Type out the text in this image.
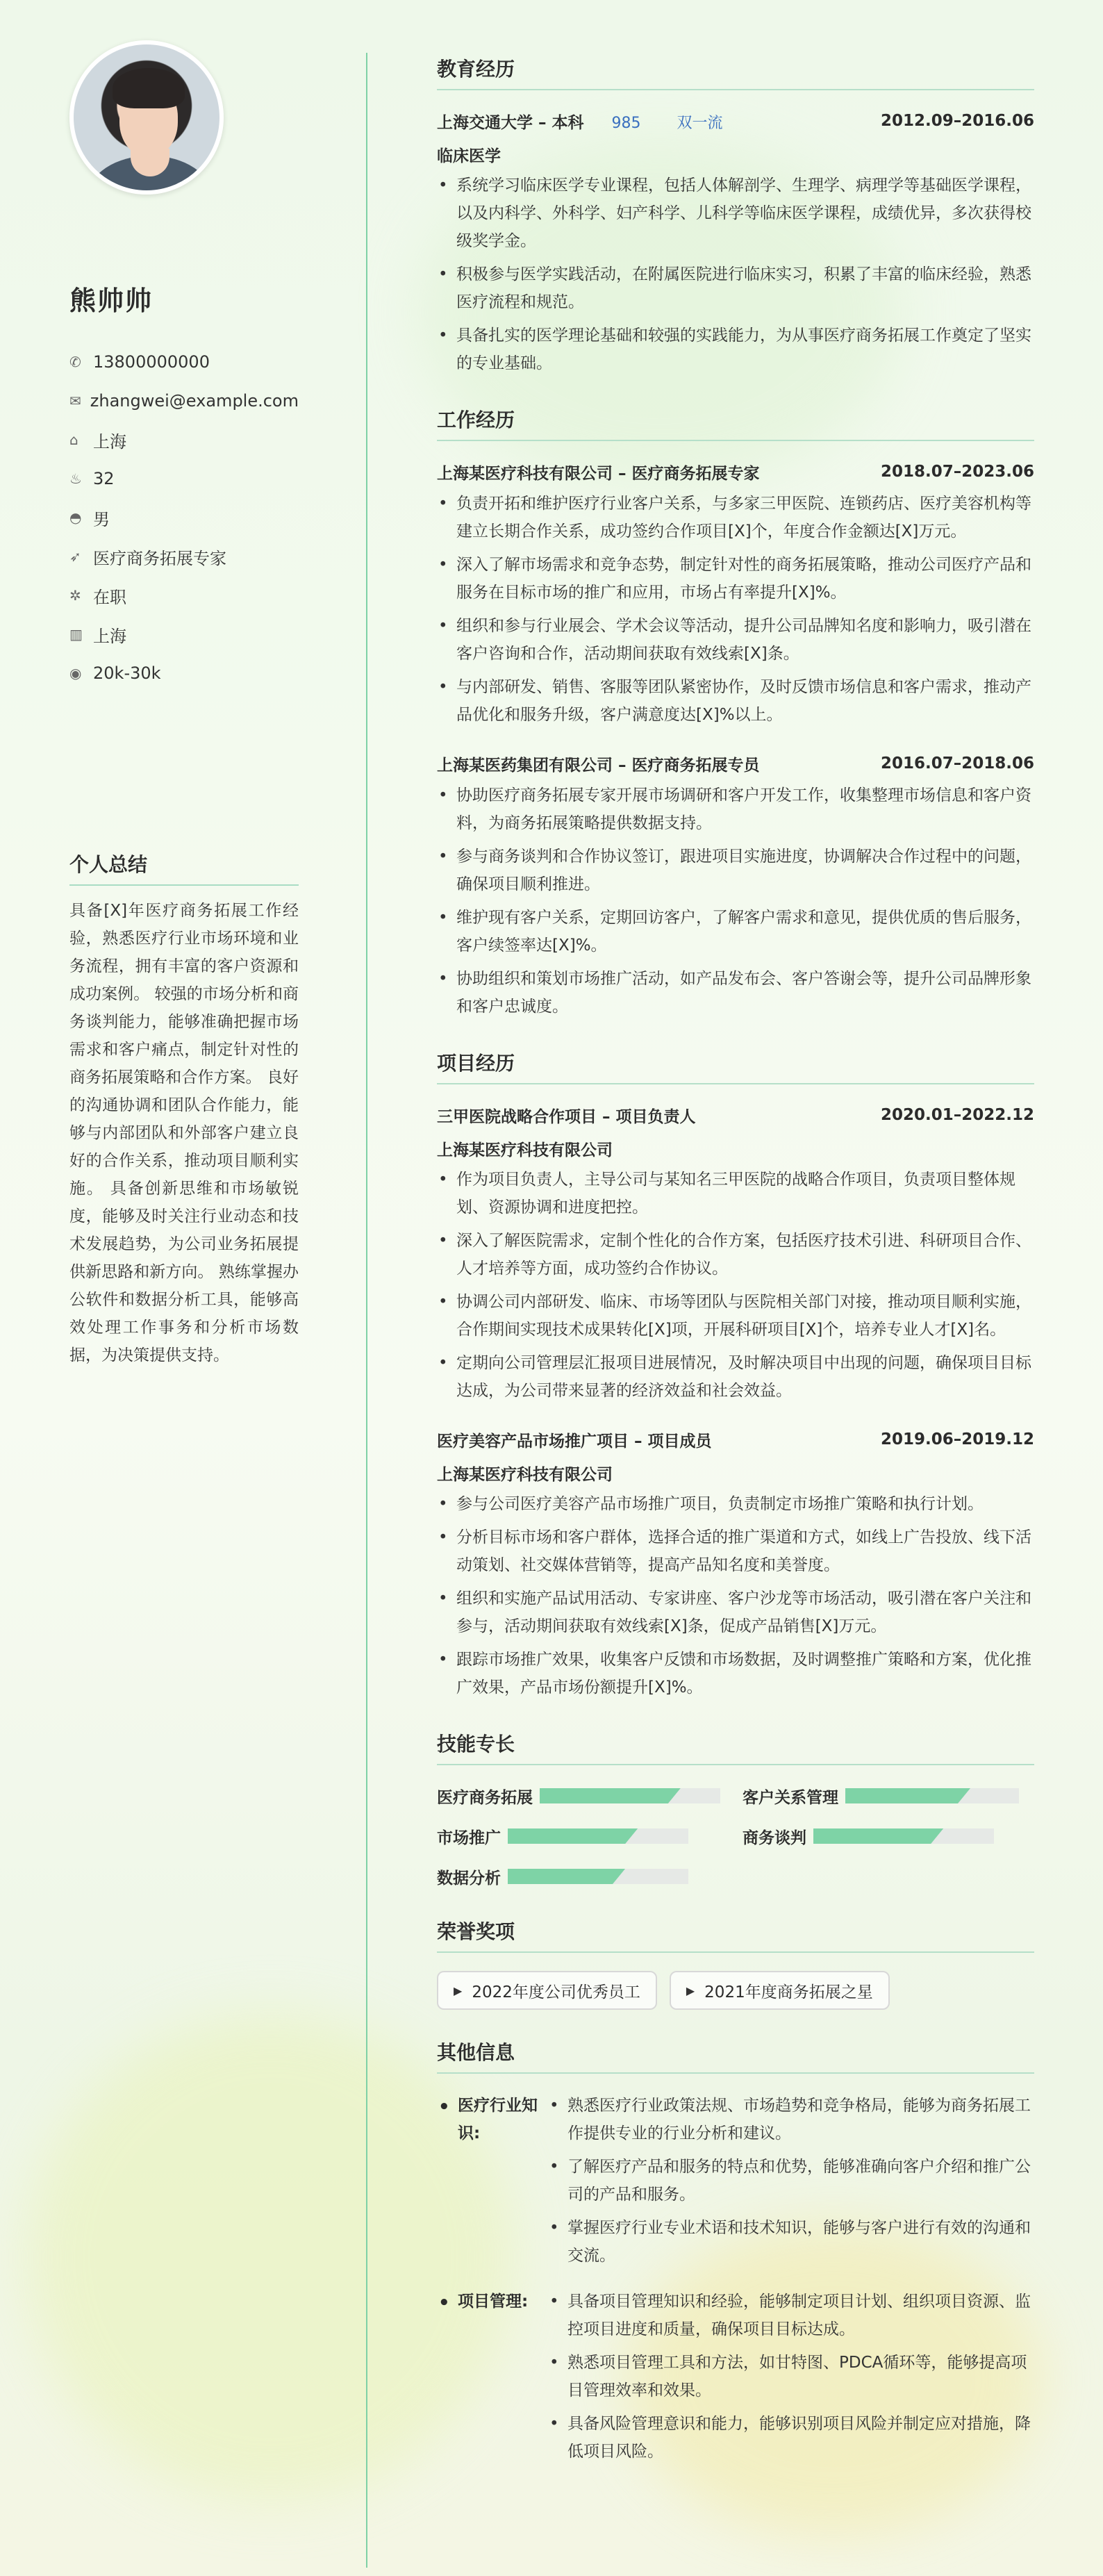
熊帅帅
✆ 13800000000
✉ zhangwei@example.com
⌂ 上海
♨ 32
◓ 男
➶ 医疗商务拓展专家
✲ 在职
▥ 上海
◉ 20k-30k
个人总结
具备[X]年医疗商务拓展工作经验，熟悉医疗行业市场环境和业务流程，拥有丰富的客户资源和成功案例。 较强的市场分析和商务谈判能力，能够准确把握市场需求和客户痛点，制定针对性的商务拓展策略和合作方案。 良好的沟通协调和团队合作能力，能够与内部团队和外部客户建立良好的合作关系，推动项目顺利实施。 具备创新思维和市场敏锐度，能够及时关注行业动态和技术发展趋势，为公司业务拓展提供新思路和新方向。 熟练掌握办公软件和数据分析工具，能够高效处理工作事务和分析市场数据，为决策提供支持。
教育经历
上海交通大学 – 本科 985 双一流	2012.09–2016.06
临床医学
• 系统学习临床医学专业课程，包括人体解剖学、生理学、病理学等基础医学课程，以及内科学、外科学、妇产科学、儿科学等临床医学课程，成绩优异，多次获得校级奖学金。
• 积极参与医学实践活动，在附属医院进行临床实习，积累了丰富的临床经验，熟悉医疗流程和规范。
• 具备扎实的医学理论基础和较强的实践能力，为从事医疗商务拓展工作奠定了坚实的专业基础。
工作经历
上海某医疗科技有限公司 – 医疗商务拓展专家	2018.07–2023.06
• 负责开拓和维护医疗行业客户关系，与多家三甲医院、连锁药店、医疗美容机构等建立长期合作关系，成功签约合作项目[X]个，年度合作金额达[X]万元。
• 深入了解市场需求和竞争态势，制定针对性的商务拓展策略，推动公司医疗产品和服务在目标市场的推广和应用，市场占有率提升[X]%。
• 组织和参与行业展会、学术会议等活动，提升公司品牌知名度和影响力，吸引潜在客户咨询和合作，活动期间获取有效线索[X]条。
• 与内部研发、销售、客服等团队紧密协作，及时反馈市场信息和客户需求，推动产品优化和服务升级，客户满意度达[X]%以上。
上海某医药集团有限公司 – 医疗商务拓展专员	2016.07–2018.06
• 协助医疗商务拓展专家开展市场调研和客户开发工作，收集整理市场信息和客户资料，为商务拓展策略提供数据支持。
• 参与商务谈判和合作协议签订，跟进项目实施进度，协调解决合作过程中的问题，确保项目顺利推进。
• 维护现有客户关系，定期回访客户，了解客户需求和意见，提供优质的售后服务，客户续签率达[X]%。
• 协助组织和策划市场推广活动，如产品发布会、客户答谢会等，提升公司品牌形象和客户忠诚度。
项目经历
三甲医院战略合作项目 – 项目负责人	2020.01–2022.12
上海某医疗科技有限公司
• 作为项目负责人，主导公司与某知名三甲医院的战略合作项目，负责项目整体规划、资源协调和进度把控。
• 深入了解医院需求，定制个性化的合作方案，包括医疗技术引进、科研项目合作、人才培养等方面，成功签约合作协议。
• 协调公司内部研发、临床、市场等团队与医院相关部门对接，推动项目顺利实施，合作期间实现技术成果转化[X]项，开展科研项目[X]个，培养专业人才[X]名。
• 定期向公司管理层汇报项目进展情况，及时解决项目中出现的问题，确保项目目标达成，为公司带来显著的经济效益和社会效益。
医疗美容产品市场推广项目 – 项目成员	2019.06–2019.12
上海某医疗科技有限公司
• 参与公司医疗美容产品市场推广项目，负责制定市场推广策略和执行计划。
• 分析目标市场和客户群体，选择合适的推广渠道和方式，如线上广告投放、线下活动策划、社交媒体营销等，提高产品知名度和美誉度。
• 组织和实施产品试用活动、专家讲座、客户沙龙等市场活动，吸引潜在客户关注和参与，活动期间获取有效线索[X]条，促成产品销售[X]万元。
• 跟踪市场推广效果，收集客户反馈和市场数据，及时调整推广策略和方案，优化推广效果，产品市场份额提升[X]%。
技能专长
医疗商务拓展	客户关系管理
市场推广	商务谈判
数据分析
荣誉奖项
▶ 2022年度公司优秀员工	▶ 2021年度商务拓展之星
其他信息
• 医疗行业知识:
• 熟悉医疗行业政策法规、市场趋势和竞争格局，能够为商务拓展工作提供专业的行业分析和建议。
• 了解医疗产品和服务的特点和优势，能够准确向客户介绍和推广公司的产品和服务。
• 掌握医疗行业专业术语和技术知识，能够与客户进行有效的沟通和交流。
• 项目管理:
•	具备项目管理知识和经验，能够制定项目计划、组织项目资源、监控项目进度和质量，确保项目目标达成。
• 熟悉项目管理工具和方法，如甘特图、PDCA循环等，能够提高项目管理效率和效果。
• 具备风险管理意识和能力，能够识别项目风险并制定应对措施，降低项目风险。
